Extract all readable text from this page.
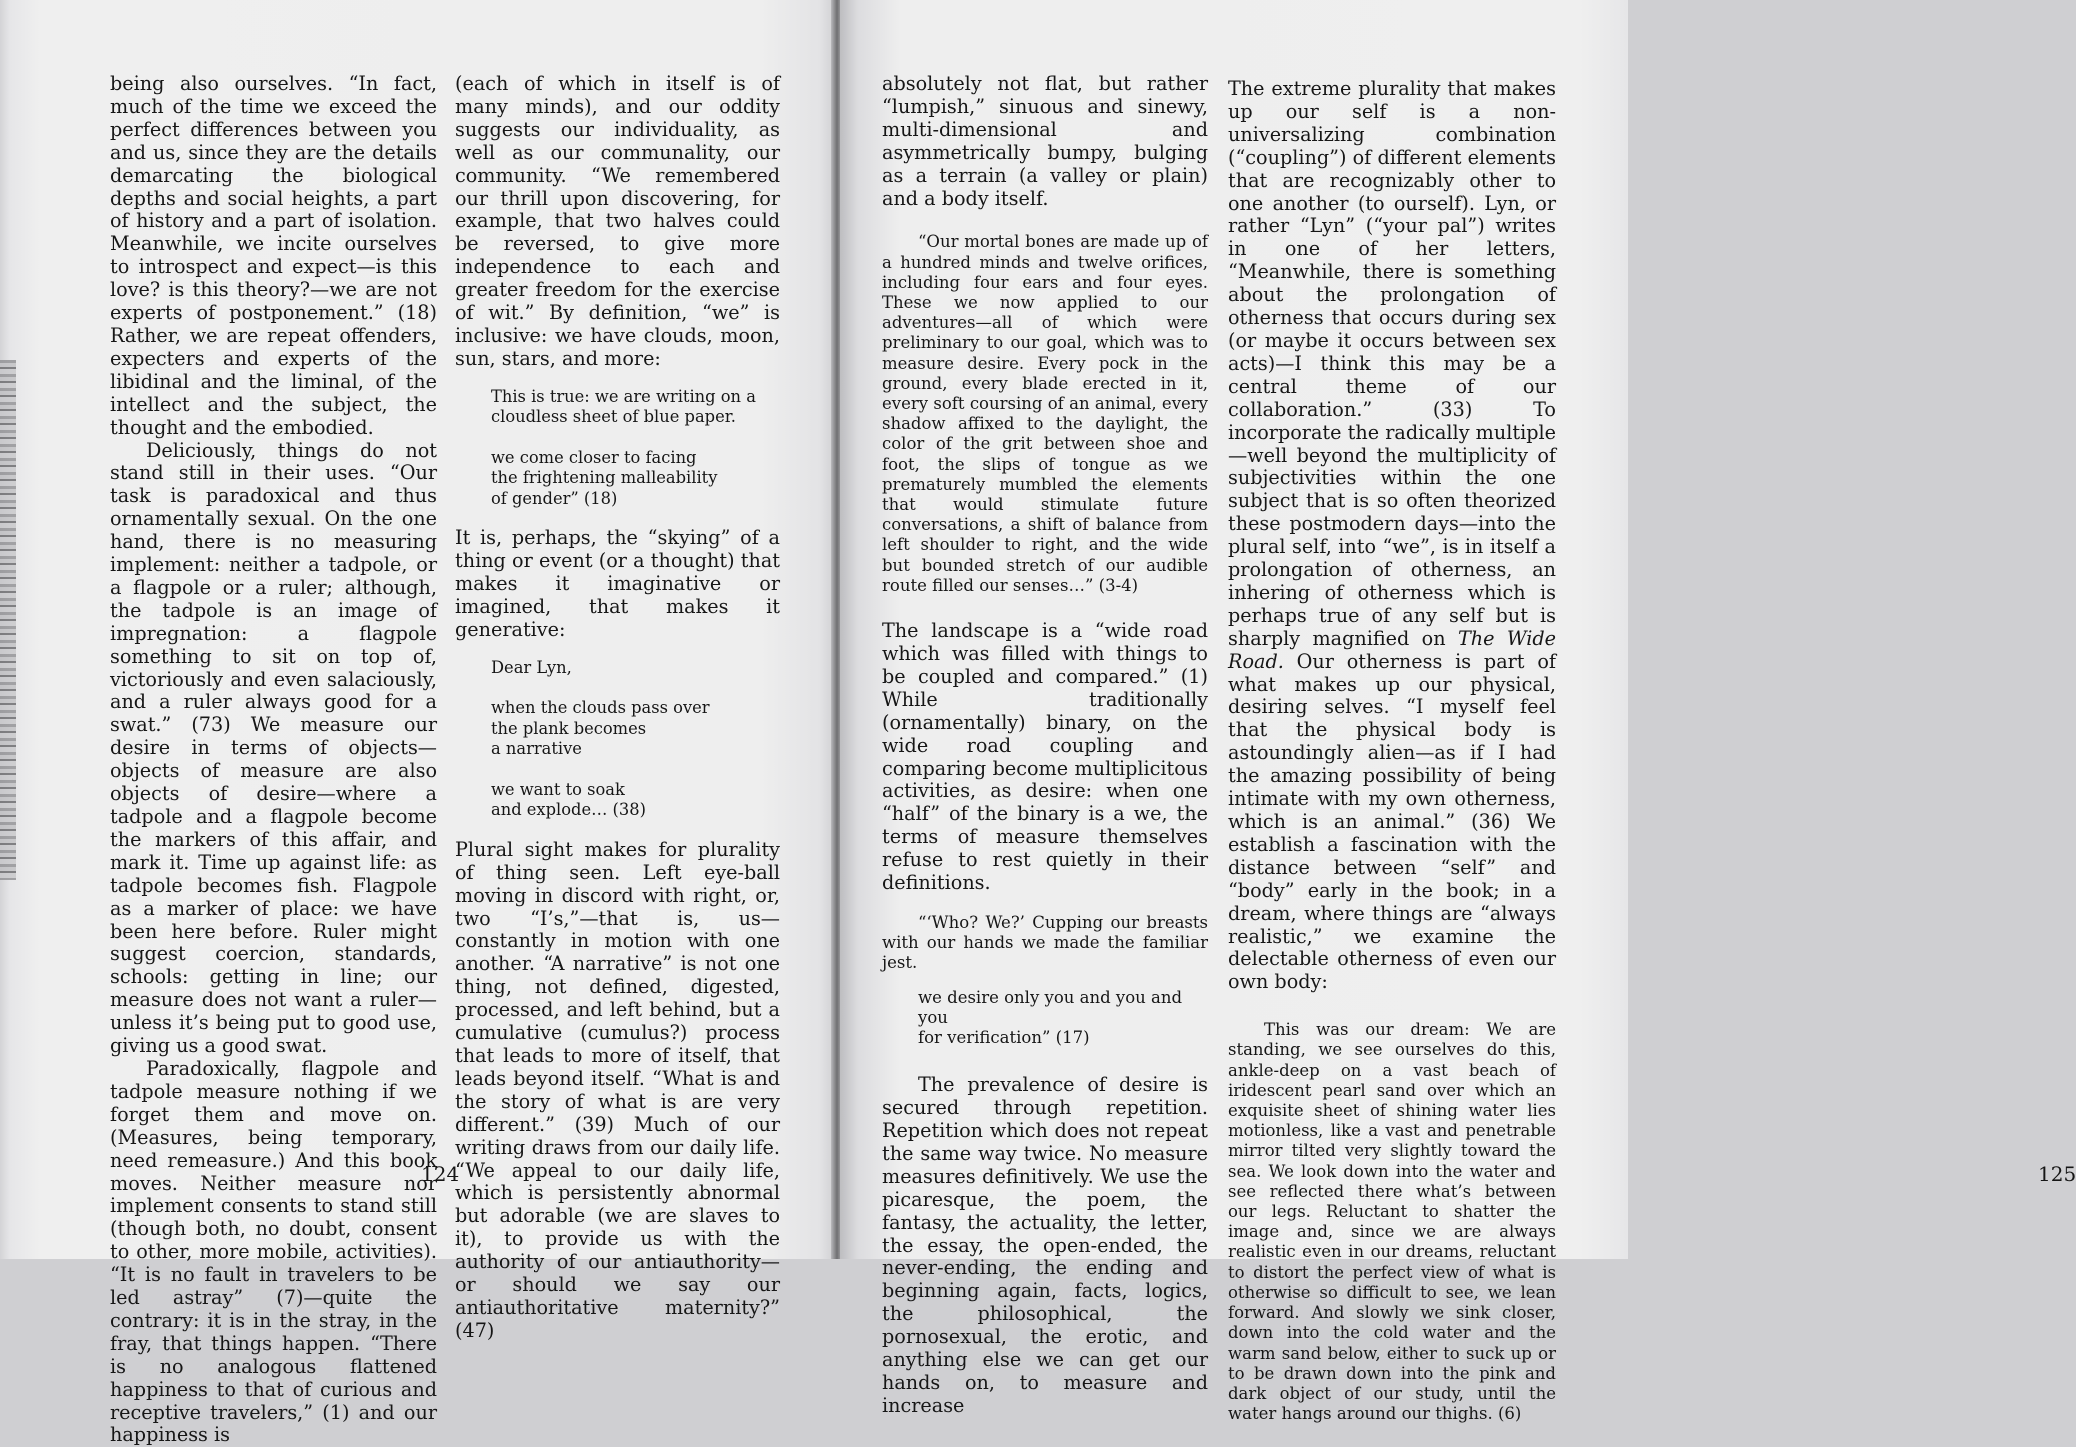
being also ourselves. “In fact, much of the time we exceed the perfect differences between you and us, since they are the details demarcating the biological depths and social heights, a part of history and a part of isolation. Meanwhile, we incite ourselves to introspect and expect—is this love? is this theory?—we are not experts of postponement.” (18) Rather, we are repeat offenders, expecters and experts of the libidinal and the liminal, of the intellect and the subject, the thought and the embodied.

Deliciously, things do not stand still in their uses. “Our task is paradoxical and thus ornamentally sexual. On the one hand, there is no measuring implement: neither a tadpole, or a flagpole or a ruler; although, the tadpole is an image of impregnation: a flagpole something to sit on top of, victoriously and even salaciously, and a ruler always good for a swat.” (73) We measure our desire in terms of objects—objects of measure are also objects of desire—where a tadpole and a flagpole become the markers of this affair, and mark it. Time up against life: as tadpole becomes fish. Flagpole as a marker of place: we have been here before. Ruler might suggest coercion, standards, schools: getting in line; our measure does not want a ruler—unless it’s being put to good use, giving us a good swat.

Paradoxically, flagpole and tadpole measure nothing if we forget them and move on. (Measures, being temporary, need remeasure.) And this book moves. Neither measure nor implement consents to stand still (though both, no doubt, consent to other, more mobile, activities). “It is no fault in travelers to be led astray” (7)—quite the contrary: it is in the stray, in the fray, that things happen. “There is no analogous flattened happiness to that of curious and receptive travelers,” (1) and our happiness is

(each of which in itself is of many minds), and our oddity suggests our individuality, as well as our communality, our community. “We remembered our thrill upon discovering, for example, that two halves could be reversed, to give more independence to each and greater freedom for the exercise of wit.” By definition, “we” is inclusive: we have clouds, moon, sun, stars, and more:

This is true: we are writing on a
cloudless sheet of blue paper.

we come closer to facing
the frightening malleability
of gender” (18)

It is, perhaps, the “skying” of a thing or event (or a thought) that makes it imaginative or imagined, that makes it generative:

Dear Lyn,

when the clouds pass over
the plank becomes
a narrative

we want to soak
and explode… (38)

Plural sight makes for plurality of thing seen. Left eye-ball moving in discord with right, or, two “I’s,”—that is, us—constantly in motion with one another. “A narrative” is not one thing, not defined, digested, processed, and left behind, but a cumulative (cumulus?) process that leads to more of itself, that leads beyond itself. “What is and the story of what is are very different.” (39) Much of our writing draws from our daily life. “We appeal to our daily life, which is persistently abnormal but adorable (we are slaves to it), to provide us with the authority of our antiauthority—or should we say our antiauthoritative maternity?” (47)

124	125

absolutely not flat, but rather “lumpish,” sinuous and sinewy, multi-dimensional and asymmetrically bumpy, bulging as a terrain (a valley or plain) and a body itself.

“Our mortal bones are made up of a hundred minds and twelve orifices, including four ears and four eyes. These we now applied to our adventures—all of which were preliminary to our goal, which was to measure desire. Every pock in the ground, every blade erected in it, every soft coursing of an animal, every shadow affixed to the daylight, the color of the grit between shoe and foot, the slips of tongue as we prematurely mumbled the elements that would stimulate future conversations, a shift of balance from left shoulder to right, and the wide but bounded stretch of our audible route filled our senses…” (3-4)

The landscape is a “wide road which was filled with things to be coupled and compared.” (1) While traditionally (ornamentally) binary, on the wide road coupling and comparing become multiplicitous activities, as desire: when one “half” of the binary is a we, the terms of measure themselves refuse to rest quietly in their definitions.

“‘Who? We?’ Cupping our breasts with our hands we made the familiar jest.

we desire only you and you and you
for verification” (17)

The prevalence of desire is secured through repetition. Repetition which does not repeat the same way twice. No measure measures definitively. We use the picaresque, the poem, the fantasy, the actuality, the letter, the essay, the open-ended, the never-ending, the ending and beginning again, facts, logics, the philosophical, the pornosexual, the erotic, and anything else we can get our hands on, to measure and increase

The extreme plurality that makes up our self is a non-universalizing combination (“coupling”) of different elements that are recognizably other to one another (to ourself). Lyn, or rather “Lyn” (“your pal”) writes in one of her letters, “Meanwhile, there is something about the prolongation of otherness that occurs during sex (or maybe it occurs between sex acts)—I think this may be a central theme of our collaboration.” (33) To incorporate the radically multiple—well beyond the multiplicity of subjectivities within the one subject that is so often theorized these postmodern days—into the plural self, into “we”, is in itself a prolongation of otherness, an inhering of otherness which is perhaps true of any self but is sharply magnified on The Wide Road. Our otherness is part of what makes up our physical, desiring selves. “I myself feel that the physical body is astoundingly alien—as if I had the amazing possibility of being intimate with my own otherness, which is an animal.” (36) We establish a fascination with the distance between “self” and “body” early in the book; in a dream, where things are “always realistic,” we examine the delectable otherness of even our own body:

This was our dream: We are standing, we see ourselves do this, ankle-deep on a vast beach of iridescent pearl sand over which an exquisite sheet of shining water lies motionless, like a vast and penetrable mirror tilted very slightly toward the sea. We look down into the water and see reflected there what’s between our legs. Reluctant to shatter the image and, since we are always realistic even in our dreams, reluctant to distort the perfect view of what is otherwise so difficult to see, we lean forward. And slowly we sink closer, down into the cold water and the warm sand below, either to suck up or to be drawn down into the pink and dark object of our study, until the water hangs around our thighs. (6)
